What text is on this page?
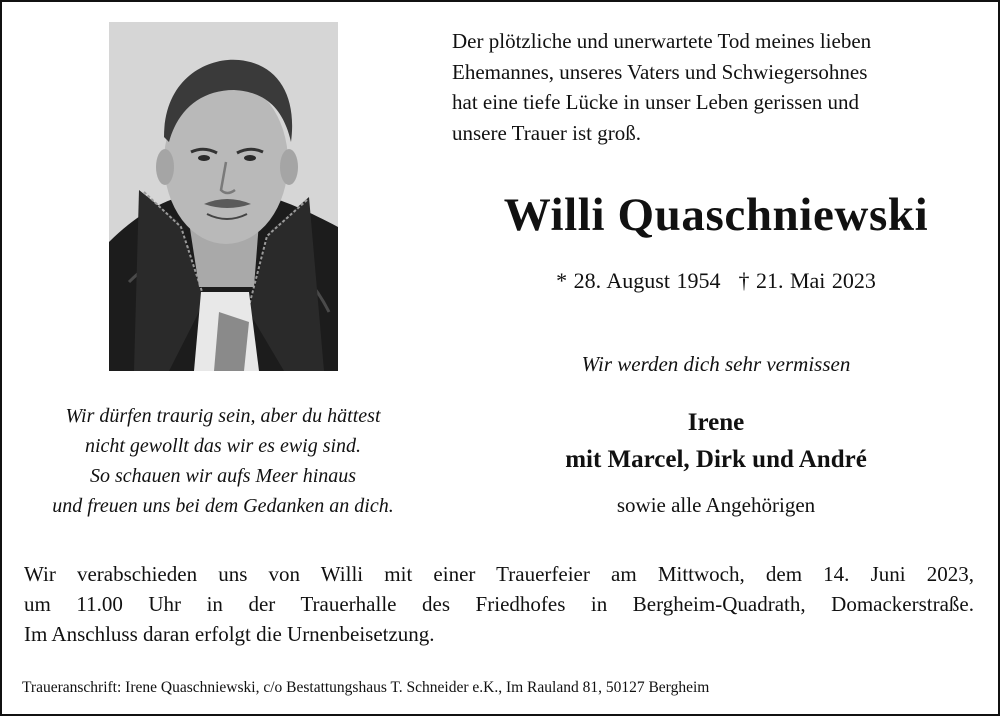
Der plötzliche und unerwartete Tod meines lieben
Ehemannes, unseres Vaters und Schwiegersohnes
hat eine tiefe Lücke in unser Leben gerissen und
unsere Trauer ist groß.
Willi Quaschniewski
* 28. August 1954 † 21. Mai 2023
Wir werden dich sehr vermissen
Irene
mit Marcel, Dirk und André
sowie alle Angehörigen
Wir dürfen traurig sein, aber du hättest
nicht gewollt das wir es ewig sind.
So schauen wir aufs Meer hinaus
und freuen uns bei dem Gedanken an dich.
Wir verabschieden uns von Willi mit einer Trauerfeier am Mittwoch, dem 14. Juni 2023,
um 11.00 Uhr in der Trauerhalle des Friedhofes in Bergheim-Quadrath, Domackerstraße.
Im Anschluss daran erfolgt die Urnenbeisetzung.
Traueranschrift: Irene Quaschniewski, c/o Bestattungshaus T. Schneider e.K., Im Rauland 81, 50127 Bergheim
